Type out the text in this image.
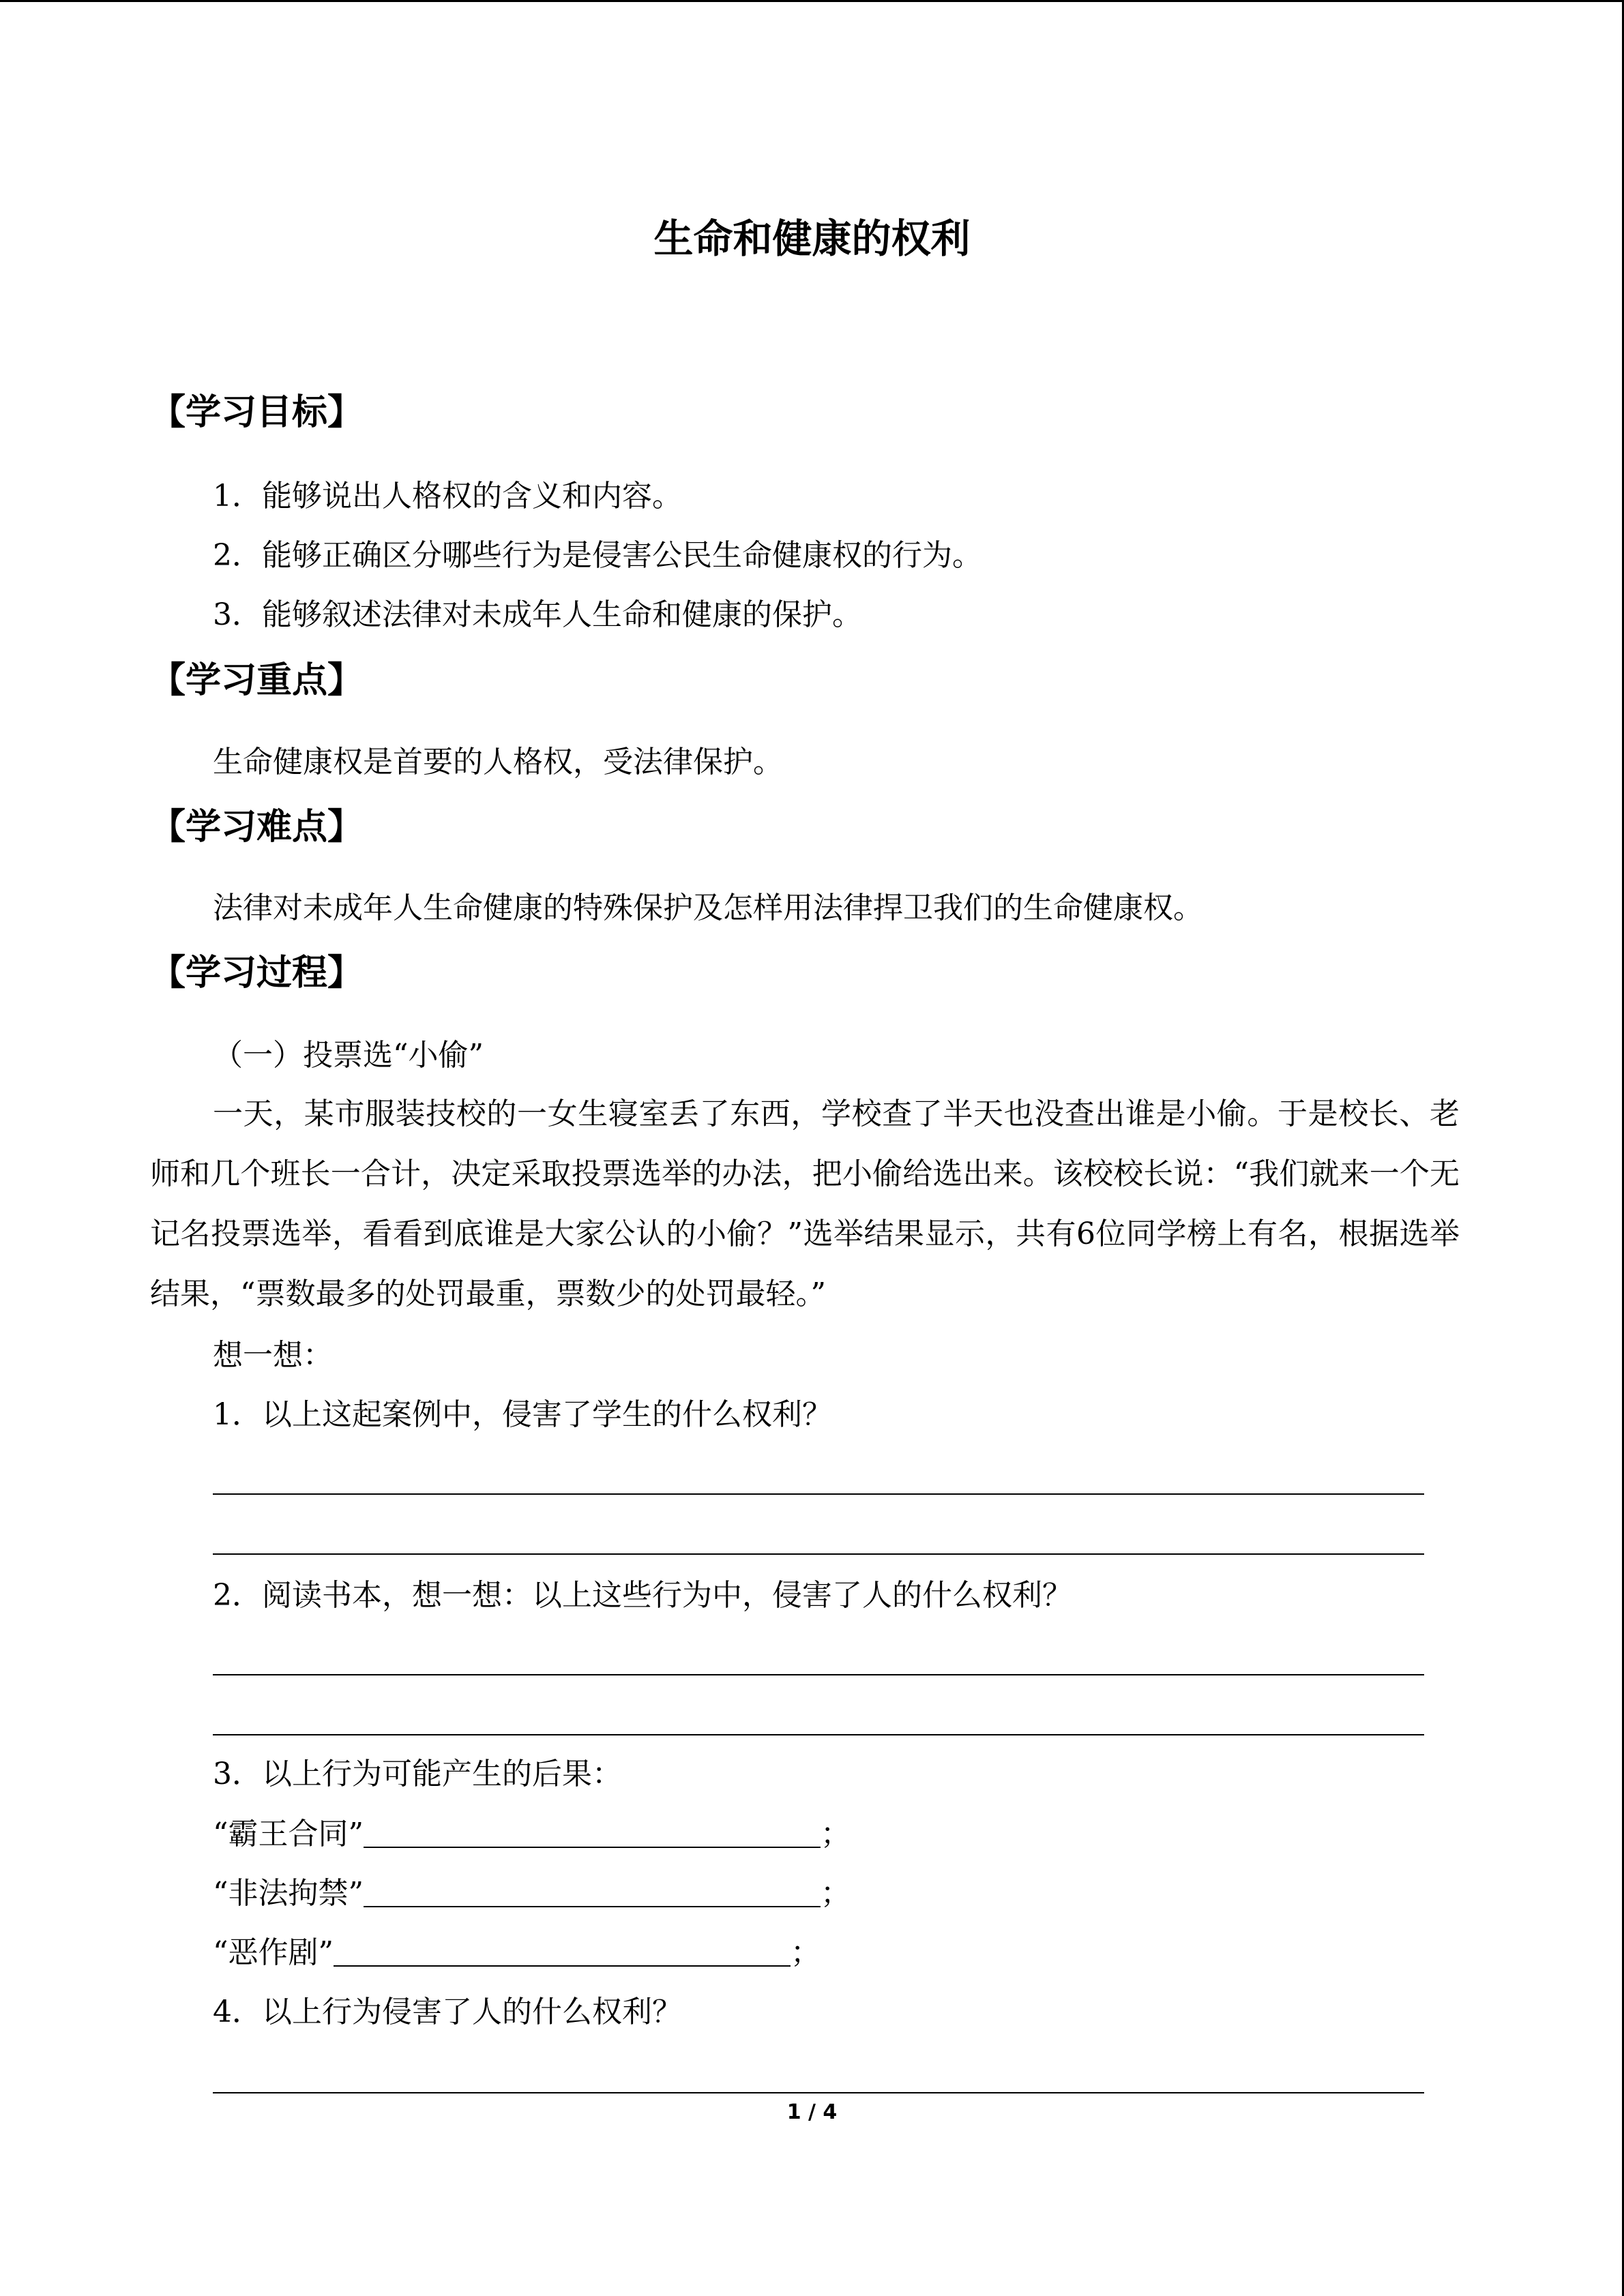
生命和健康的权利
【学习目标】
1．能够说出人格权的含义和内容。
2．能够正确区分哪些行为是侵害公民生命健康权的行为。
3．能够叙述法律对未成年人生命和健康的保护。
【学习重点】
生命健康权是首要的人格权，受法律保护。
【学习难点】
法律对未成年人生命健康的特殊保护及怎样用法律捍卫我们的生命健康权。
【学习过程】
（一）投票选“小偷”
一天，某市服装技校的一女生寝室丢了东西，学校查了半天也没查出谁是小偷。于是校长、老师和几个班长一合计，决定采取投票选举的办法，把小偷给选出来。该校校长说：“我们就来一个无记名投票选举，看看到底谁是大家公认的小偷？”选举结果显示，共有6位同学榜上有名，根据选举结果，“票数最多的处罚最重，票数少的处罚最轻。”
想一想：
1．以上这起案例中，侵害了学生的什么权利？
2．阅读书本，想一想：以上这些行为中，侵害了人的什么权利？
3．以上行为可能产生的后果：
“霸王合同”	；
“非法拘禁”	；
“恶作剧”	；
4．以上行为侵害了人的什么权利？
1 / 4
